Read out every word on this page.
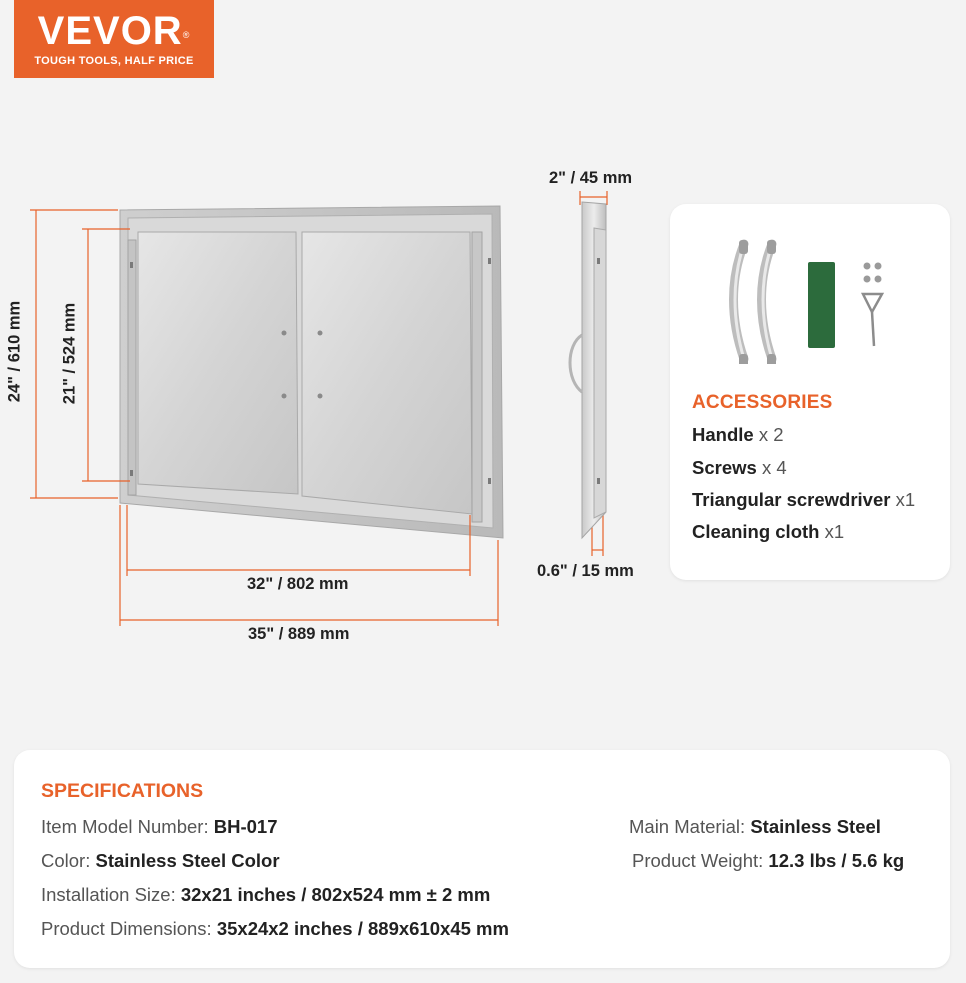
VEVOR®
TOUGH TOOLS, HALF PRICE
24" / 610 mm 21" / 524 mm
32" / 802 mm
35" / 889 mm
2" / 45 mm
0.6" / 15 mm
ACCESSORIES
Handle x 2
Screws x 4
Triangular screwdriver x1
Cleaning cloth x1
SPECIFICATIONS
Item Model Number: BH-017
Color: Stainless Steel Color
Installation Size: 32x21 inches / 802x524 mm ± 2 mm
Product Dimensions: 35x24x2 inches / 889x610x45 mm
Main Material: Stainless Steel
Product Weight: 12.3 lbs / 5.6 kg
